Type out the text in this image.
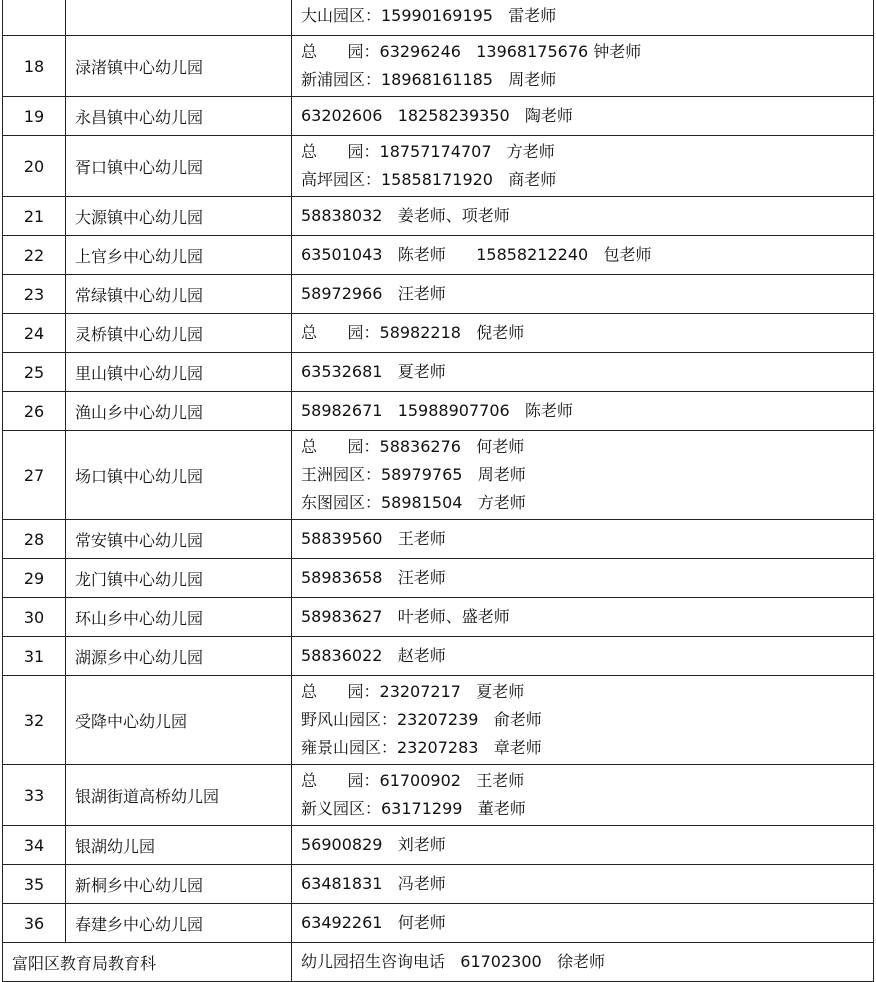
		大山园区：15990169195   雷老师

18	渌渚镇中心幼儿园	总      园：63296246   13968175676 钟老师
新浦园区：18968161185   周老师

19	永昌镇中心幼儿园	63202606   18258239350   陶老师

20	胥口镇中心幼儿园	总      园：18757174707   方老师
高坪园区：15858171920   商老师

21	大源镇中心幼儿园	58838032   姜老师、项老师

22	上官乡中心幼儿园	63501043   陈老师      15858212240   包老师

23	常绿镇中心幼儿园	58972966   汪老师

24	灵桥镇中心幼儿园	总      园：58982218   倪老师

25	里山镇中心幼儿园	63532681   夏老师

26	渔山乡中心幼儿园	58982671   15988907706   陈老师

27	场口镇中心幼儿园	总      园：58836276   何老师
王洲园区：58979765   周老师
东图园区：58981504   方老师

28	常安镇中心幼儿园	58839560   王老师

29	龙门镇中心幼儿园	58983658   汪老师

30	环山乡中心幼儿园	58983627   叶老师、盛老师

31	湖源乡中心幼儿园	58836022   赵老师

32	受降中心幼儿园	总      园：23207217   夏老师
野风山园区：23207239   俞老师
雍景山园区：23207283   章老师

33	银湖街道高桥幼儿园	总      园：61700902   王老师
新义园区：63171299   董老师

34	银湖幼儿园	56900829   刘老师

35	新桐乡中心幼儿园	63481831   冯老师

36	春建乡中心幼儿园	63492261   何老师

富阳区教育局教育科		幼儿园招生咨询电话   61702300   徐老师
